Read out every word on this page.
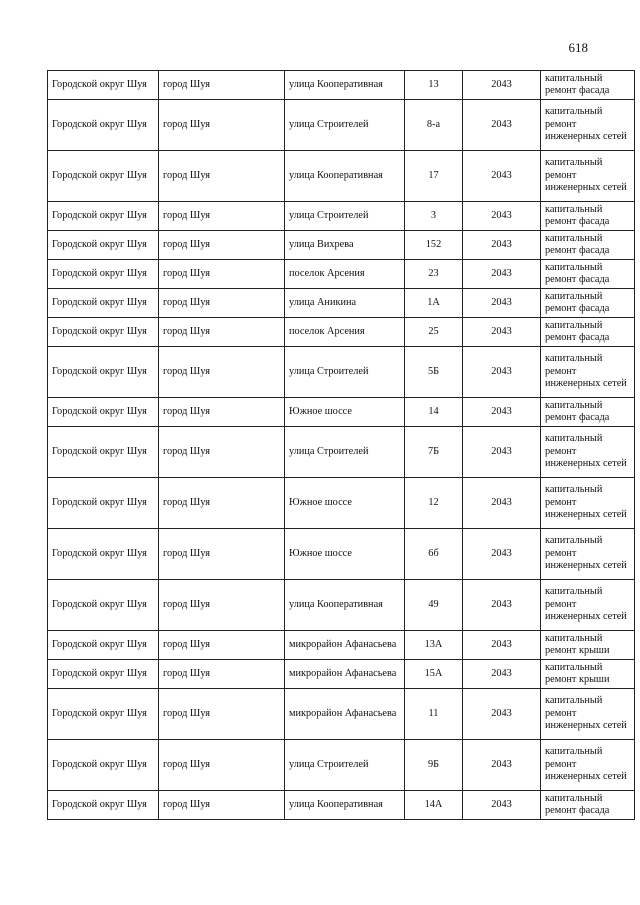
618
Городской округ Шуя	город Шуя	улица Кооперативная	13	2043	капитальный ремонт фасада
Городской округ Шуя	город Шуя	улица Строителей	8-а	2043	капитальный ремонт инженерных сетей
Городской округ Шуя	город Шуя	улица Кооперативная	17	2043	капитальный ремонт инженерных сетей
Городской округ Шуя	город Шуя	улица Строителей	3	2043	капитальный ремонт фасада
Городской округ Шуя	город Шуя	улица Вихрева	152	2043	капитальный ремонт фасада
Городской округ Шуя	город Шуя	поселок Арсения	23	2043	капитальный ремонт фасада
Городской округ Шуя	город Шуя	улица Аникина	1А	2043	капитальный ремонт фасада
Городской округ Шуя	город Шуя	поселок Арсения	25	2043	капитальный ремонт фасада
Городской округ Шуя	город Шуя	улица Строителей	5Б	2043	капитальный ремонт инженерных сетей
Городской округ Шуя	город Шуя	Южное шоссе	14	2043	капитальный ремонт фасада
Городской округ Шуя	город Шуя	улица Строителей	7Б	2043	капитальный ремонт инженерных сетей
Городской округ Шуя	город Шуя	Южное шоссе	12	2043	капитальный ремонт инженерных сетей
Городской округ Шуя	город Шуя	Южное шоссе	6б	2043	капитальный ремонт инженерных сетей
Городской округ Шуя	город Шуя	улица Кооперативная	49	2043	капитальный ремонт инженерных сетей
Городской округ Шуя	город Шуя	микрорайон Афанасьева	13А	2043	капитальный ремонт крыши
Городской округ Шуя	город Шуя	микрорайон Афанасьева	15А	2043	капитальный ремонт крыши
Городской округ Шуя	город Шуя	микрорайон Афанасьева	11	2043	капитальный ремонт инженерных сетей
Городской округ Шуя	город Шуя	улица Строителей	9Б	2043	капитальный ремонт инженерных сетей
Городской округ Шуя	город Шуя	улица Кооперативная	14А	2043	капитальный ремонт фасада
